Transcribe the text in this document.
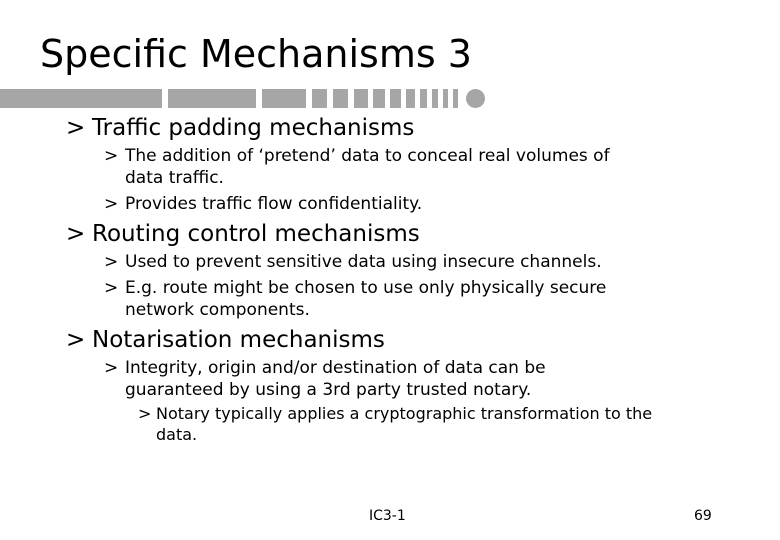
Specific Mechanisms 3
> Traffic padding mechanisms
> The addition of ‘pretend’ data to conceal real volumes of
data traffic.
> Provides traffic flow confidentiality.
> Routing control mechanisms
> Used to prevent sensitive data using insecure channels.
> E.g. route might be chosen to use only physically secure
network components.
> Notarisation mechanisms
> Integrity, origin and/or destination of data can be
guaranteed by using a 3rd party trusted notary.
> Notary typically applies a cryptographic transformation to the
data.
IC3-1	69
